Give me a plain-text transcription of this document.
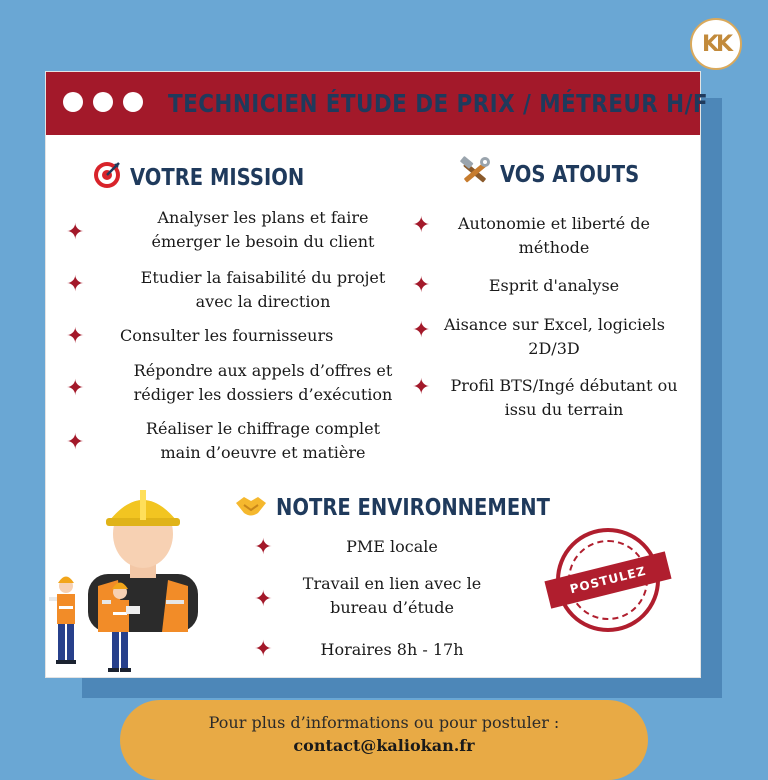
KK
TECHNICIEN ÉTUDE DE PRIX / MÉTREUR H/F
VOTRE MISSION
✦
Analyser les plans et faire
émerger le besoin du client
✦	Etudier la faisabilité du projet
avec la direction
✦ Consulter les fournisseurs
✦
Répondre aux appels d’offres et
rédiger les dossiers d’exécution
✦
Réaliser le chiffrage complet
main d’oeuvre et matière
VOS ATOUTS
✦	Autonomie et liberté de
méthode
✦	Esprit d'analyse
✦ Aisance sur Excel, logiciels
2D/3D
✦	Profil BTS/Ingé débutant ou
issu du terrain
NOTRE ENVIRONNEMENT
✦	PME locale
✦
Travail en lien avec le
bureau d’étude
✦	Horaires 8h - 17h
POSTULEZ
Pour plus d’informations ou pour postuler :
contact@kaliokan.fr
